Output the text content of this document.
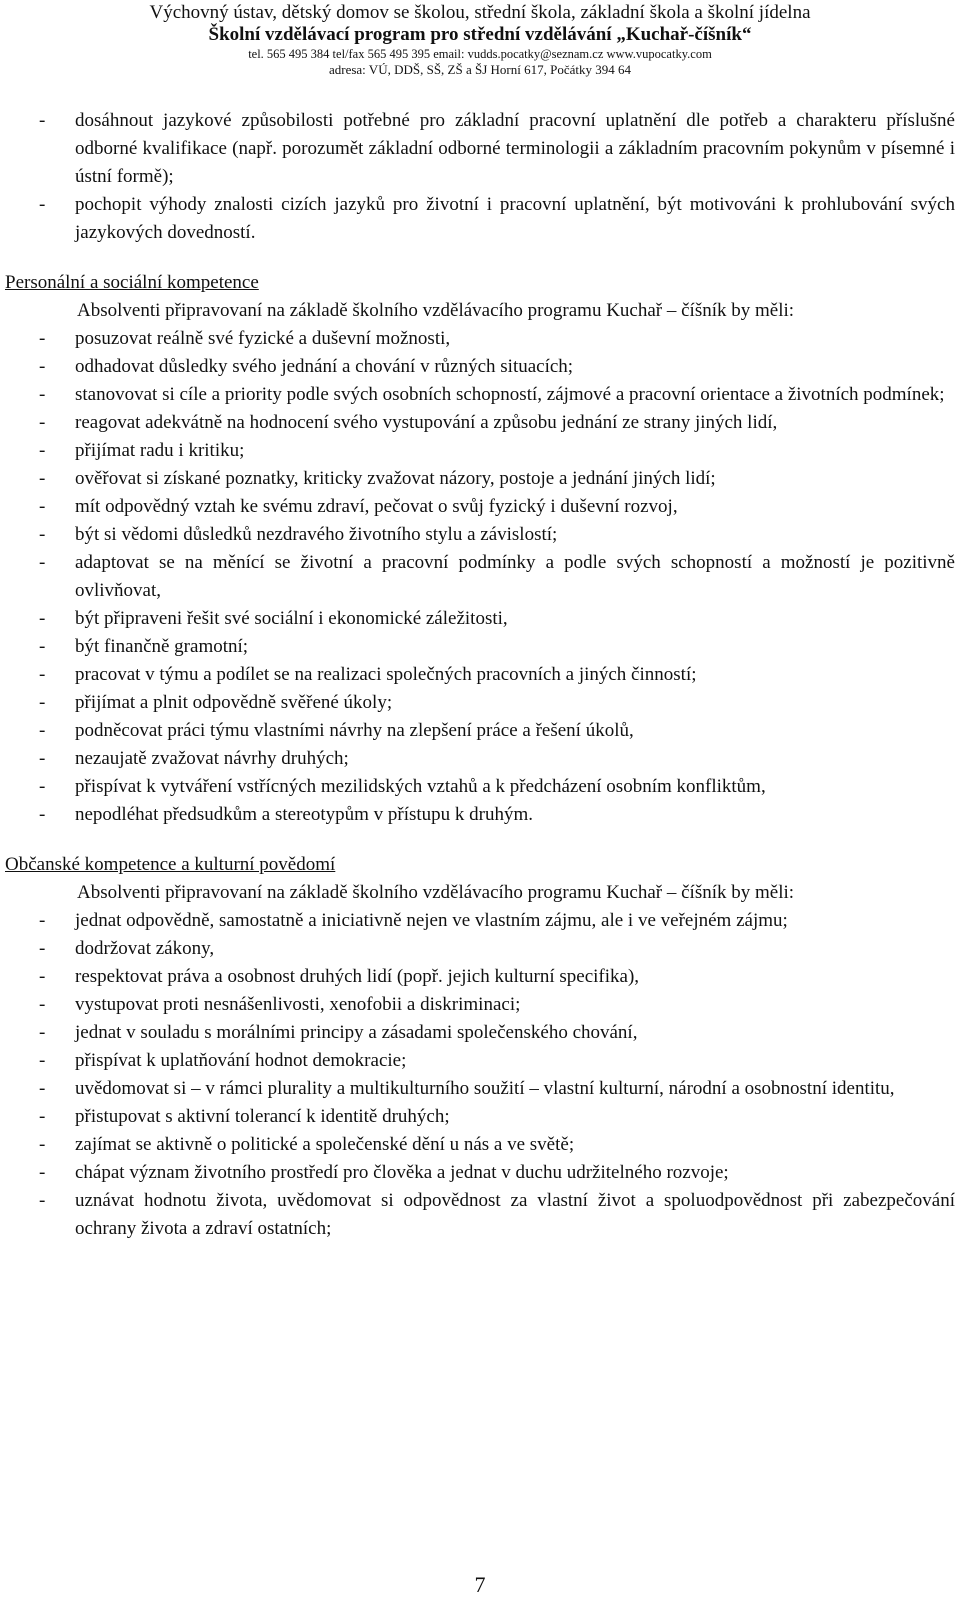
Výchovný ústav, dětský domov se školou, střední škola, základní škola a školní jídelna
Školní vzdělávací program pro střední vzdělávání „Kuchař-číšník“
tel. 565 495 384 tel/fax 565 495 395 email: vudds.pocatky@seznam.cz www.vupocatky.com
adresa: VÚ, DDŠ, SŠ, ZŠ a ŠJ Horní 617, Počátky 394 64
-	dosáhnout jazykové způsobilosti potřebné pro základní pracovní uplatnění dle potřeb a charakteru příslušné odborné kvalifikace (např. porozumět základní odborné terminologii a základním pracovním pokynům v písemné i ústní formě);
-	pochopit výhody znalosti cizích jazyků pro životní i pracovní uplatnění, být motivováni k prohlubování svých jazykových dovedností.
Personální a sociální kompetence
Absolventi připravovaní na základě školního vzdělávacího programu Kuchař – číšník by měli:
-	posuzovat reálně své fyzické a duševní možnosti,
-	odhadovat důsledky svého jednání a chování v různých situacích;
-	stanovovat si cíle a priority podle svých osobních schopností, zájmové a pracovní orientace a životních podmínek;
-	reagovat adekvátně na hodnocení svého vystupování a způsobu jednání ze strany jiných lidí,
-	přijímat radu i kritiku;
-	ověřovat si získané poznatky, kriticky zvažovat názory, postoje a jednání jiných lidí;
-	mít odpovědný vztah ke svému zdraví, pečovat o svůj fyzický i duševní rozvoj,
-	být si vědomi důsledků nezdravého životního stylu a závislostí;
-	adaptovat se na měnící se životní a pracovní podmínky a podle svých schopností a možností je pozitivně ovlivňovat,
-	být připraveni řešit své sociální i ekonomické záležitosti,
-	být finančně gramotní;
-	pracovat v týmu a podílet se na realizaci společných pracovních a jiných činností;
-	přijímat a plnit odpovědně svěřené úkoly;
-	podněcovat práci týmu vlastními návrhy na zlepšení práce a řešení úkolů,
-	nezaujatě zvažovat návrhy druhých;
-	přispívat k vytváření vstřícných mezilidských vztahů a k předcházení osobním konfliktům,
-	nepodléhat předsudkům a stereotypům v přístupu k druhým.
Občanské kompetence a kulturní povědomí
Absolventi připravovaní na základě školního vzdělávacího programu Kuchař – číšník by měli:
-	jednat odpovědně, samostatně a iniciativně nejen ve vlastním zájmu, ale i ve veřejném zájmu;
-	dodržovat zákony,
-	respektovat práva a osobnost druhých lidí (popř. jejich kulturní specifika),
-	vystupovat proti nesnášenlivosti, xenofobii a diskriminaci;
-	jednat v souladu s morálními principy a zásadami společenského chování,
-	přispívat k uplatňování hodnot demokracie;
-	uvědomovat si – v rámci plurality a multikulturního soužití – vlastní kulturní, národní a osobnostní identitu,
-	přistupovat s aktivní tolerancí k identitě druhých;
-	zajímat se aktivně o politické a společenské dění u nás a ve světě;
-	chápat význam životního prostředí pro člověka a jednat v duchu udržitelného rozvoje;
-	uznávat hodnotu života, uvědomovat si odpovědnost za vlastní život a spoluodpovědnost při zabezpečování ochrany života a zdraví ostatních;
7
